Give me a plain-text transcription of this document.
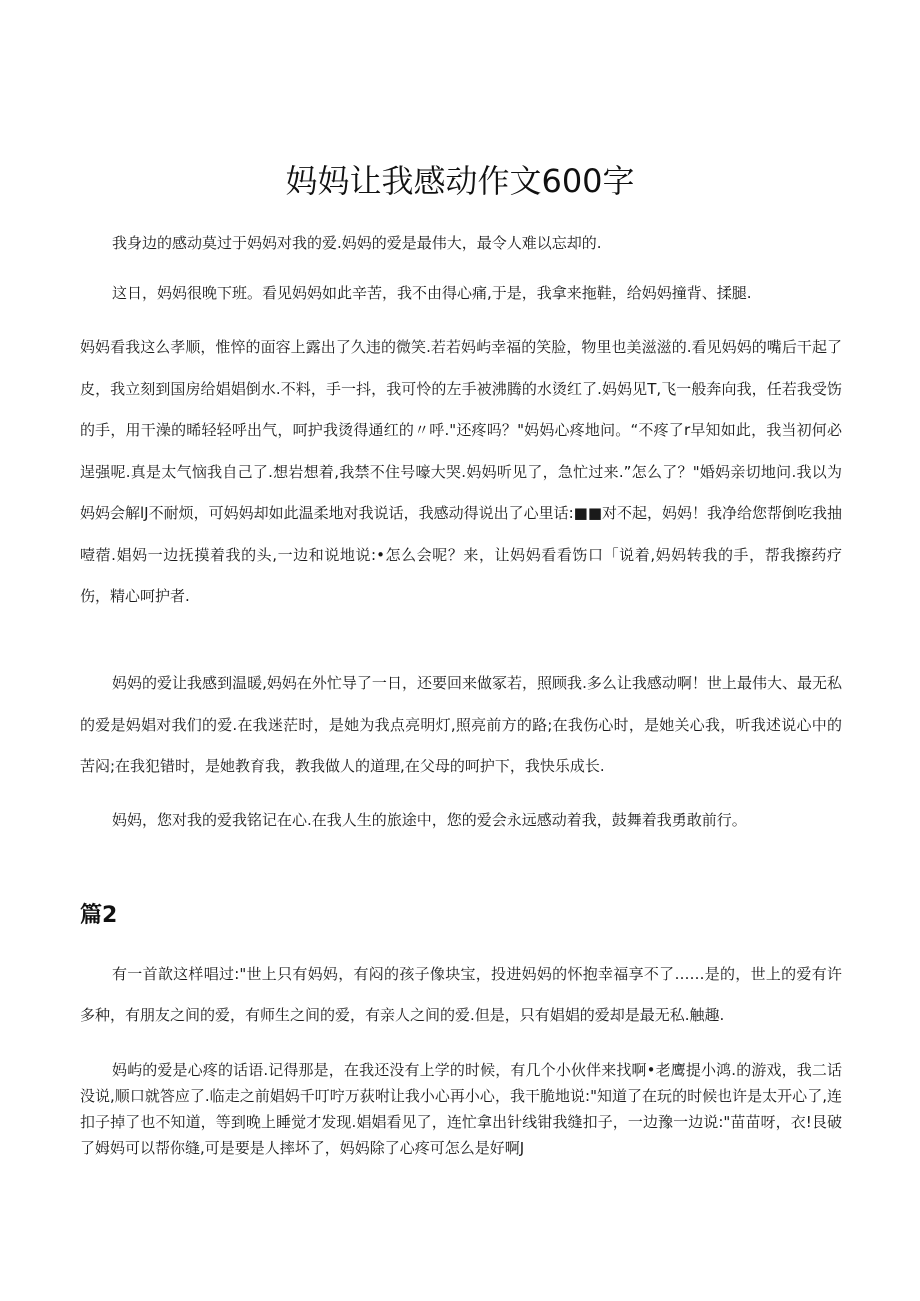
妈妈让我感动作文600字

我身边的感动莫过于妈妈对我的爱.妈妈的爱是最伟大，最令人难以忘却的.

这日，妈妈很晚下班。看见妈妈如此辛苦，我不由得心痛,于是，我拿来拖鞋，给妈妈撞背、揉腿.

妈妈看我这么孝顺，惟悴的面容上露出了久违的微笑.若若妈屿幸福的笑脸，物里也美滋滋的.看见妈妈的嘴后干起了皮，我立刻到国房给娼娼倒水.不料，手一抖，我可怜的左手被沸腾的水烫红了.妈妈见T,飞一般奔向我，任若我受饬的手，用干澡的晞轻轻呼出气，呵护我烫得通红的〃呼."还疼吗？"妈妈心疼地问。“不疼了r早知如此，我当初何必逞强呢.真是太气恼我自己了.想岩想着,我禁不住号嚎大哭.妈妈听见了，急忙过来.”怎么了？"婚妈亲切地问.我以为妈妈会解lJ不耐烦，可妈妈却如此温柔地对我说话，我感动得说出了心里话:■■对不起，妈妈！我净给您帮倒吃我抽噎蓿.娼妈一边抚摸着我的头,一边和说地说:•怎么会呢？来，让妈妈看看饬口「说着,妈妈转我的手，帮我擦药疗伤，精心呵护者.

妈妈的爱让我感到温暖,妈妈在外忙导了一日，还要回来做冢若，照顾我.多么让我感动啊！世上最伟大、最无私的爱是妈娼对我们的爱.在我迷茫时，是她为我点亮明灯,照亮前方的路;在我伤心时，是她关心我，听我述说心中的苦闷;在我犯错时，是她教育我，教我做人的道理,在父母的呵护下，我快乐成长.

妈妈，您对我的爱我铭记在心.在我人生的旅途中，您的爱会永远感动着我，鼓舞着我勇敢前行。

篇2

有一首歆这样唱过:"世上只有妈妈，有闷的孩子像块宝，投进妈妈的怀抱幸福享不了……是的，世上的爱有许多种，有朋友之间的爱，有师生之间的爱，有亲人之间的爱.但是，只有娼娼的爱却是最无私.触趣.

妈屿的爱是心疼的话语.记得那是，在我还没有上学的时候，有几个小伙伴来找啊•老鹰提小鸿.的游戏，我二话没说,顺口就答应了.临走之前娼妈千叮咛万荻咐让我小心再小心，我干脆地说:"知道了在玩的时候也许是太开心了,连扣子掉了也不知道，等到晚上睡觉才发现.娼娼看见了，连忙拿出针线钳我缝扣子，一边豫一边说:"苗苗呀，衣!艮破了姆妈可以帮你缝,可是要是人摔坏了，妈妈除了心疼可怎么是好啊J
